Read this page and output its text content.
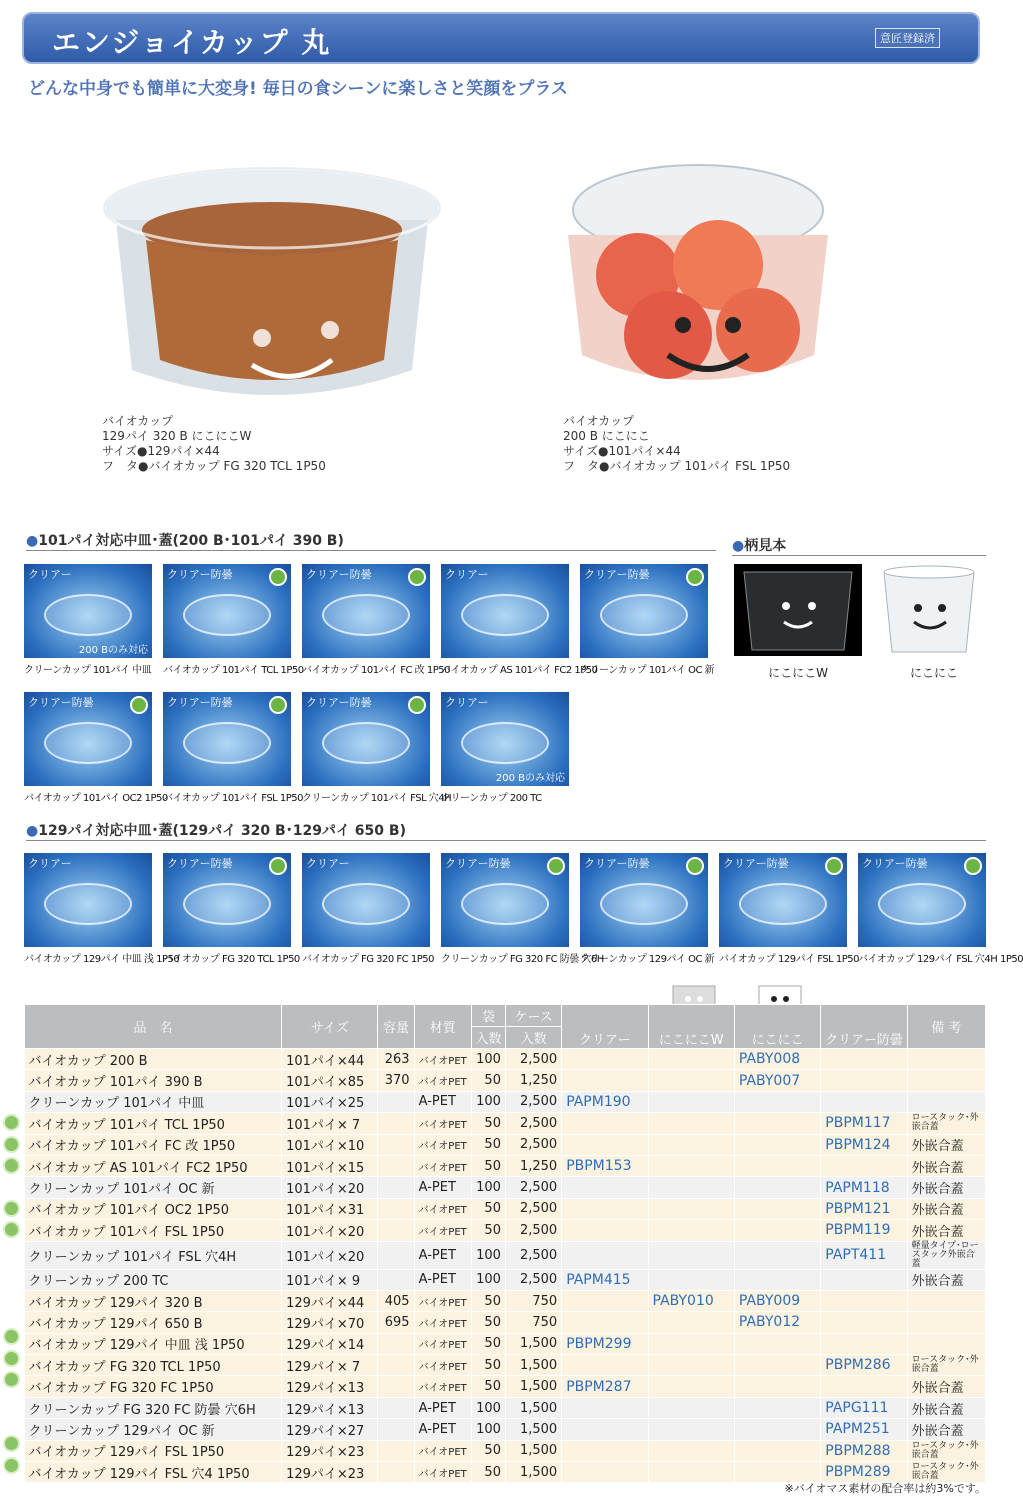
エンジョイカップ 丸	意匠登録済
どんな中身でも簡単に大変身! 毎日の食シーンに楽しさと笑顔をプラス
バイオカップ
129パイ 320 B にこにこW
サイズ●129パイ×44
フ　タ●バイオカップ FG 320 TCL 1P50
バイオカップ
200 B にこにこ
サイズ●101パイ×44
フ　タ●バイオカップ 101パイ FSL 1P50
●101パイ対応中皿･蓋(200 B･101パイ 390 B)	●柄見本
クリアー
200 Bのみ対応
クリーンカップ 101パイ 中皿
クリアー防曇
バイオカップ 101パイ TCL 1P50
クリアー防曇
バイオカップ 101パイ FC 改 1P50
クリアー
バイオカップ AS 101パイ FC2 1P50
クリアー防曇
クリーンカップ 101パイ OC 新
クリアー防曇
バイオカップ 101パイ OC2 1P50
クリアー防曇
バイオカップ 101パイ FSL 1P50
クリアー防曇
クリーンカップ 101パイ FSL 穴4H
クリアー
200 Bのみ対応
クリーンカップ 200 TC
にこにこW	にこにこ
●129パイ対応中皿･蓋(129パイ 320 B･129パイ 650 B)
クリアー
バイオカップ 129パイ 中皿 浅 1P50
クリアー防曇
バイオカップ FG 320 TCL 1P50
クリアー
バイオカップ FG 320 FC 1P50
クリアー防曇
クリーンカップ FG 320 FC 防曇 穴6H
クリアー防曇
クリーンカップ 129パイ OC 新
クリアー防曇
バイオカップ 129パイ FSL 1P50
クリアー防曇
バイオカップ 129パイ FSL 穴4H 1P50
品　名	サイズ	容量	材質	袋	ケース	クリアー	にこにこW	にこにこ	クリアー防曇	備 考
				入数	入数					
バイオカップ 200 B	101パイ×44	263	バイオPET	100	2,500			PABY008		
バイオカップ 101パイ 390 B	101パイ×85	370	バイオPET	50	1,250			PABY007		
クリーンカップ 101パイ 中皿	101パイ×25		A-PET	100	2,500	PAPM190				
バイオカップ 101パイ TCL 1P50	101パイ× 7		バイオPET	50	2,500				PBPM117	ロースタック･外嵌合蓋
バイオカップ 101パイ FC 改 1P50	101パイ×10		バイオPET	50	2,500				PBPM124	外嵌合蓋
バイオカップ AS 101パイ FC2 1P50	101パイ×15		バイオPET	50	1,250	PBPM153				外嵌合蓋
クリーンカップ 101パイ OC 新	101パイ×20		A-PET	100	2,500				PAPM118	外嵌合蓋
バイオカップ 101パイ OC2 1P50	101パイ×31		バイオPET	50	2,500				PBPM121	外嵌合蓋
バイオカップ 101パイ FSL 1P50	101パイ×20		バイオPET	50	2,500				PBPM119	外嵌合蓋
クリーンカップ 101パイ FSL 穴4H	101パイ×20		A-PET	100	2,500				PAPT411	軽量タイプ･ロースタック外嵌合蓋
クリーンカップ 200 TC	101パイ× 9		A-PET	100	2,500	PAPM415				外嵌合蓋
バイオカップ 129パイ 320 B	129パイ×44	405	バイオPET	50	750		PABY010	PABY009		
バイオカップ 129パイ 650 B	129パイ×70	695	バイオPET	50	750			PABY012		
バイオカップ 129パイ 中皿 浅 1P50	129パイ×14		バイオPET	50	1,500	PBPM299				
バイオカップ FG 320 TCL 1P50	129パイ× 7		バイオPET	50	1,500				PBPM286	ロースタック･外嵌合蓋
バイオカップ FG 320 FC 1P50	129パイ×13		バイオPET	50	1,500	PBPM287				外嵌合蓋
クリーンカップ FG 320 FC 防曇 穴6H	129パイ×13		A-PET	100	1,500				PAPG111	外嵌合蓋
クリーンカップ 129パイ OC 新	129パイ×27		A-PET	100	1,500				PAPM251	外嵌合蓋
バイオカップ 129パイ FSL 1P50	129パイ×23		バイオPET	50	1,500				PBPM288	ロースタック･外嵌合蓋
バイオカップ 129パイ FSL 穴4 1P50	129パイ×23		バイオPET	50	1,500				PBPM289	ロースタック･外嵌合蓋
※バイオマス素材の配合率は約3%です。
